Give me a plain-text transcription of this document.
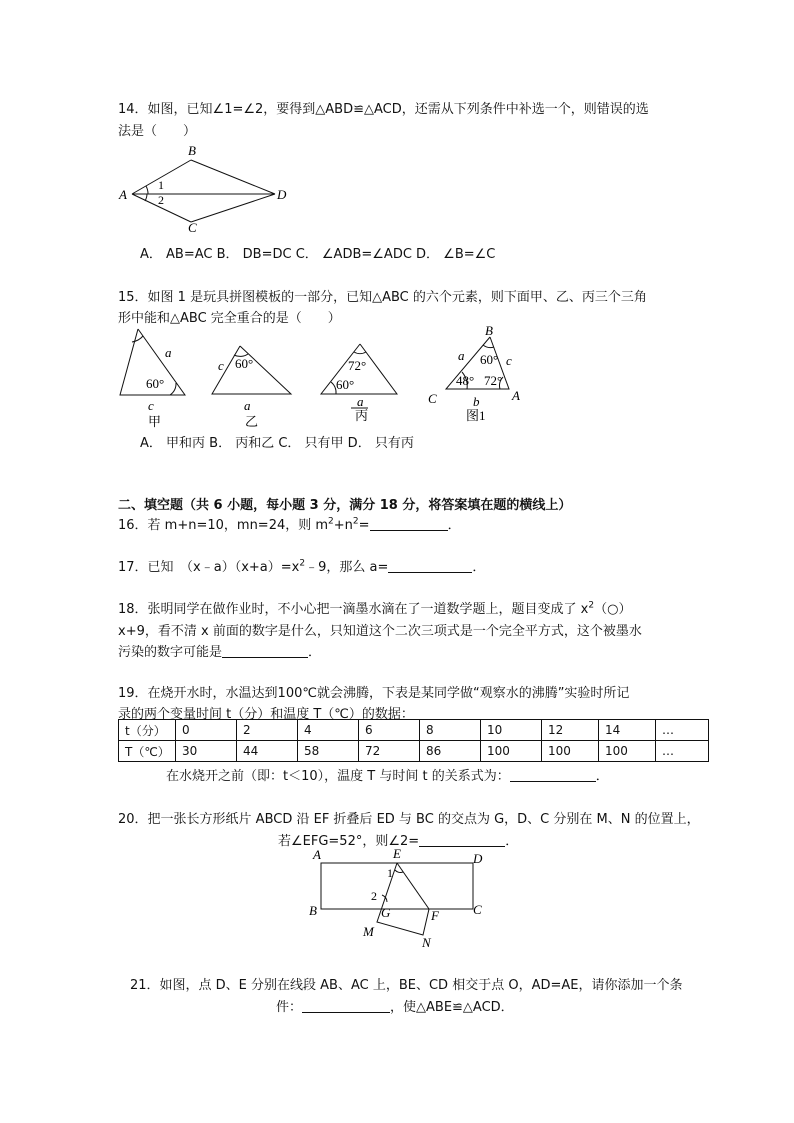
14．如图，已知∠1=∠2，要得到△ABD≌△ACD，还需从下列条件中补选一个，则错误的选
法是（　　）
B
A	D
C
1
2
A． AB=AC B． DB=DC C． ∠ADB=∠ADC D． ∠B=∠C
15．如图 1 是玩具拼图模板的一部分，已知△ABC 的六个元素，则下面甲、乙、丙三个三角
形中能和△ABC 完全重合的是（　　）
a
c
c
a	a
B
a	c
C	A
b
60°
60°	72°
60°
60°
48° 72°
甲	乙	丙	图1
A． 甲和丙 B． 丙和乙 C． 只有甲 D． 只有丙
二、填空题（共 6 小题，每小题 3 分，满分 18 分，将答案填在题的横线上）
16．若 m+n=10，mn=24，则 $m^2+n^2=$	．
17．已知　$(x﹣a)(x+a)=x^2﹣9$，那么 a=	．
18．张明同学在做作业时，不小心把一滴墨水滴在了一道数学题上，题目变成了 $x^2(○)$
x+9，看不清 x 前面的数字是什么，只知道这个二次三项式是一个完全平方式，这个被墨水
污染的数字可能是	．
19．在烧开水时，水温达到100℃就会沸腾，下表是某同学做“观察水的沸腾”实验时所记
录的两个变量时间 t（分）和温度 T（℃）的数据：
t（分）	0	2	4	6	8	10	12	14	…
T（℃）	30	44	58	72	86	100	100	100	…
在水烧开之前（即：t＜10），温度 T 与时间 t 的关系式为：	．
20．把一张长方形纸片 ABCD 沿 EF 折叠后 ED 与 BC 的交点为 G，D、C 分别在 M、N 的位置上，
若∠EFG=52°，则∠2=	．
A	E	D
B	G	F	C
M
N
1
2
21．如图，点 D、E 分别在线段 AB、AC 上，BE、CD 相交于点 O，AD=AE，请你添加一个条
件：	，使△ABE≌△ACD．
